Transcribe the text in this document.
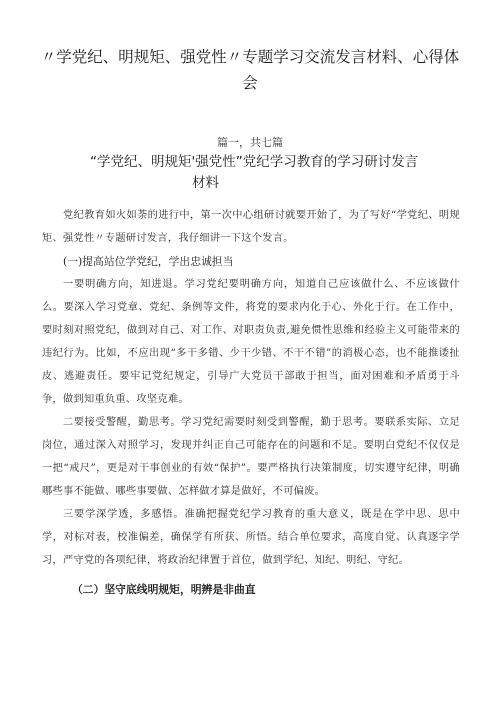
〃学党纪、明规矩、强党性〃专题学习交流发言材料、心得体会
篇一，共七篇
“学党纪、明规矩'强党性”党纪学习教育的学习研讨发言
材料

党纪教育如火如荼的进行中，第一次中心组研讨就要开始了，为了写好“学党纪、明规矩、强党性〃专题研讨发言，我仔细讲一下这个发言。

(一)提高站位学党纪，学出忠诚担当

一要明确方向，知进退。学习党纪要明确方向，知道自己应该做什么、不应该做什么。要深入学习党章、党纪、条例等文件，将党的要求内化于心、外化于行。在工作中，要时刻对照党纪，做到对自己、对工作、对职责负责,避免惯性思维和经验主义可能带来的违纪行为。比如，不应出现“多干多错、少干少错、不干不错”的消极心态，也不能推诿扯皮、逃避责任。要牢记党纪规定，引导广大党员干部敢于担当，面对困难和矛盾勇于斗争，做到知重负重、攻坚克难。

二要接受警醒，勤思考。学习党纪需要时刻受到警醒，勤于思考。要联系实际、立足岗位，通过深入对照学习，发现并纠正自己可能存在的问题和不足。要明白党纪不仅仅是一把“戒尺”，更是对干事创业的有效“保护”。要严格执行决策制度，切实遵守纪律，明确哪些事不能做、哪些事要做、怎样做才算是做好，不可偏废。

三要学深学透，多感悟。准确把握党纪学习教育的重大意义，既是在学中思、思中学，对标对表，校准偏差，确保学有所获、所悟。结合单位要求，高度自觉、认真逐字学习，严守党的各项纪律，将政治纪律置于首位，做到学纪、知纪、明纪、守纪。

（二）坚守底线明规矩，明辨是非曲直
